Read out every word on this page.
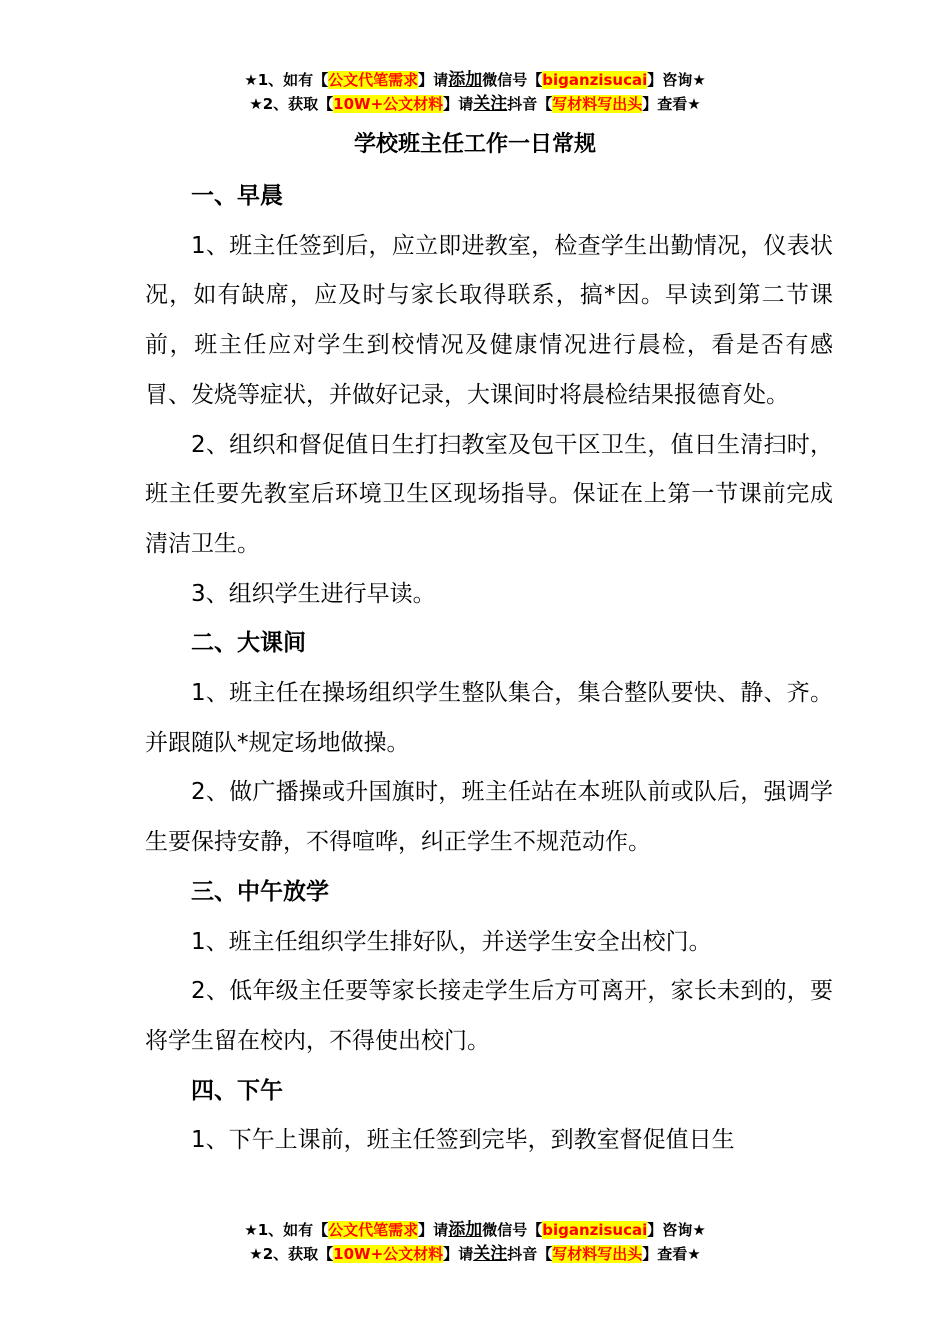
★1、如有【公文代笔需求】请添加微信号【biganzisucai】咨询★
★2、获取【10W+公文材料】请关注抖音【写材料写出头】查看★
学校班主任工作一日常规
一、早晨

1、班主任签到后，应立即进教室，检查学生出勤情况，仪表状况，如有缺席，应及时与家长取得联系，搞*因。早读到第二节课前，班主任应对学生到校情况及健康情况进行晨检，看是否有感冒、发烧等症状，并做好记录，大课间时将晨检结果报德育处。

2、组织和督促值日生打扫教室及包干区卫生，值日生清扫时，班主任要先教室后环境卫生区现场指导。保证在上第一节课前完成清洁卫生。

3、组织学生进行早读。

二、大课间

1、班主任在操场组织学生整队集合，集合整队要快、静、齐。并跟随队*规定场地做操。

2、做广播操或升国旗时，班主任站在本班队前或队后，强调学生要保持安静，不得喧哗，纠正学生不规范动作。

三、中午放学

1、班主任组织学生排好队，并送学生安全出校门。

2、低年级主任要等家长接走学生后方可离开，家长未到的，要将学生留在校内，不得使出校门。

四、下午

1、下午上课前，班主任签到完毕，到教室督促值日生

★1、如有【公文代笔需求】请添加微信号【biganzisucai】咨询★
★2、获取【10W+公文材料】请关注抖音【写材料写出头】查看★
